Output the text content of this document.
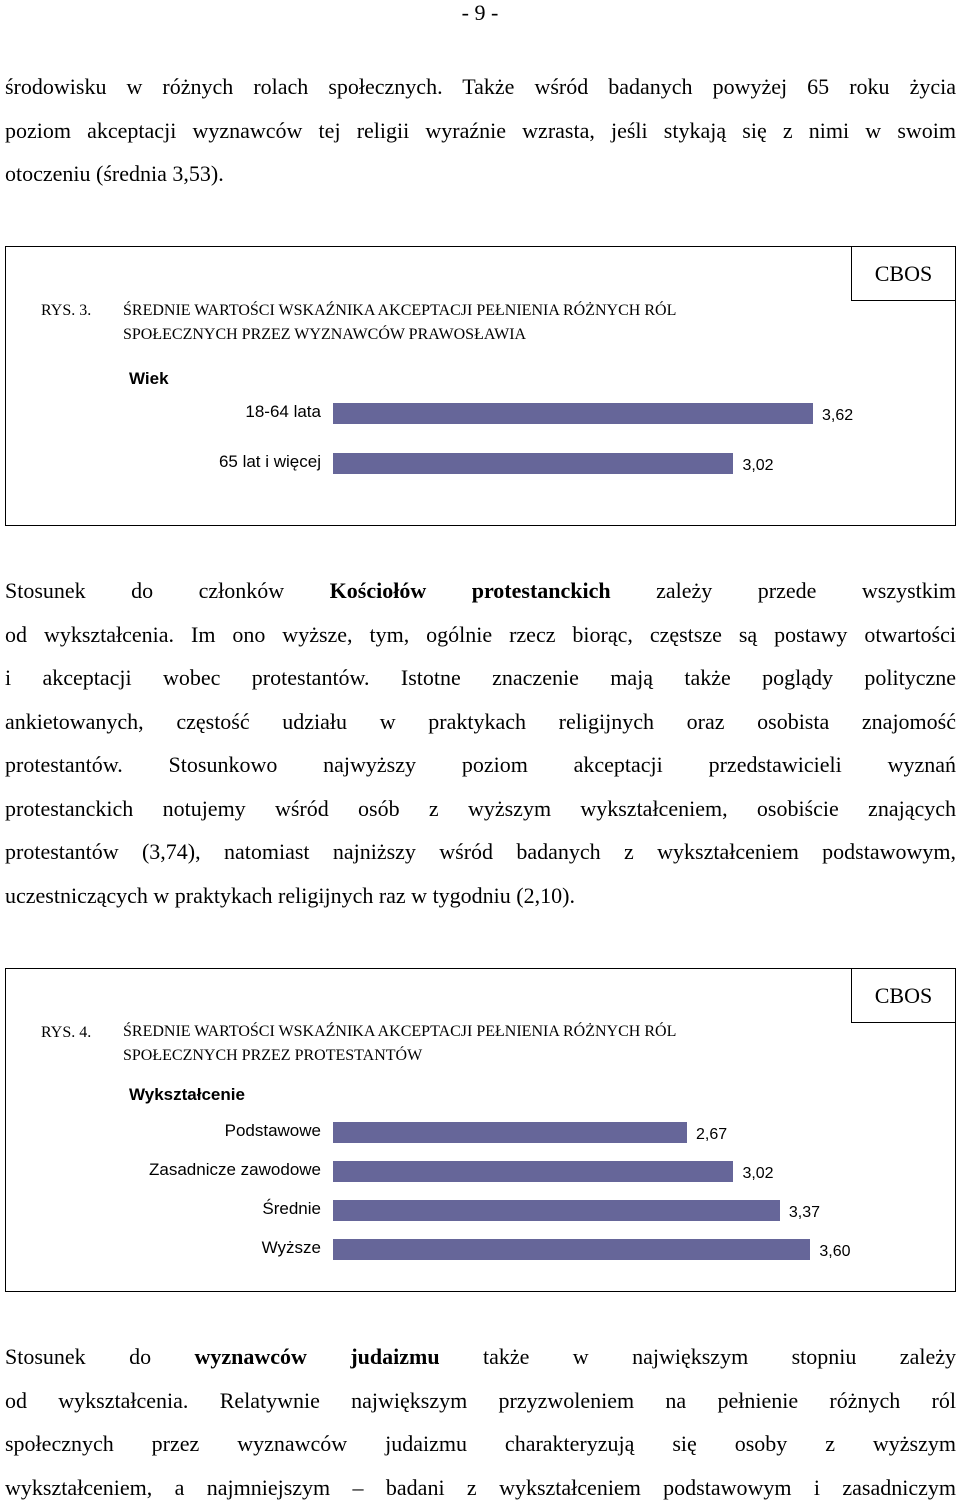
- 9 -
środowisku w różnych rolach społecznych. Także wśród badanych powyżej 65 roku życia
poziom akceptacji wyznawców tej religii wyraźnie wzrasta, jeśli stykają się z nimi w swoim
otoczeniu (średnia 3,53).
CBOS
RYS. 3. ŚREDNIE WARTOŚCI WSKAŹNIKA AKCEPTACJI PEŁNIENIA RÓŻNYCH RÓL
SPOŁECZNYCH PRZEZ WYZNAWCÓW PRAWOSŁAWIA
Wiek
18-64 lata	3,62
65 lat i więcej	3,02
Stosunek do członków Kościołów protestanckich zależy przede wszystkim
od wykształcenia. Im ono wyższe, tym, ogólnie rzecz biorąc, częstsze są postawy otwartości
i akceptacji wobec protestantów. Istotne znaczenie mają także poglądy polityczne
ankietowanych, częstość udziału w praktykach religijnych oraz osobista znajomość
protestantów. Stosunkowo najwyższy poziom akceptacji przedstawicieli wyznań
protestanckich notujemy wśród osób z wyższym wykształceniem, osobiście znających
protestantów (3,74), natomiast najniższy wśród badanych z wykształceniem podstawowym,
uczestniczących w praktykach religijnych raz w tygodniu (2,10).
CBOS
RYS. 4. ŚREDNIE WARTOŚCI WSKAŹNIKA AKCEPTACJI PEŁNIENIA RÓŻNYCH RÓL
SPOŁECZNYCH PRZEZ PROTESTANTÓW
Wykształcenie
Podstawowe	2,67
Zasadnicze zawodowe	3,02
Średnie	3,37
Wyższe	3,60
Stosunek do wyznawców judaizmu także w największym stopniu zależy
od wykształcenia. Relatywnie największym przyzwoleniem na pełnienie różnych ról
społecznych przez wyznawców judaizmu charakteryzują się osoby z wyższym
wykształceniem, a najmniejszym – badani z wykształceniem podstawowym i zasadniczym
